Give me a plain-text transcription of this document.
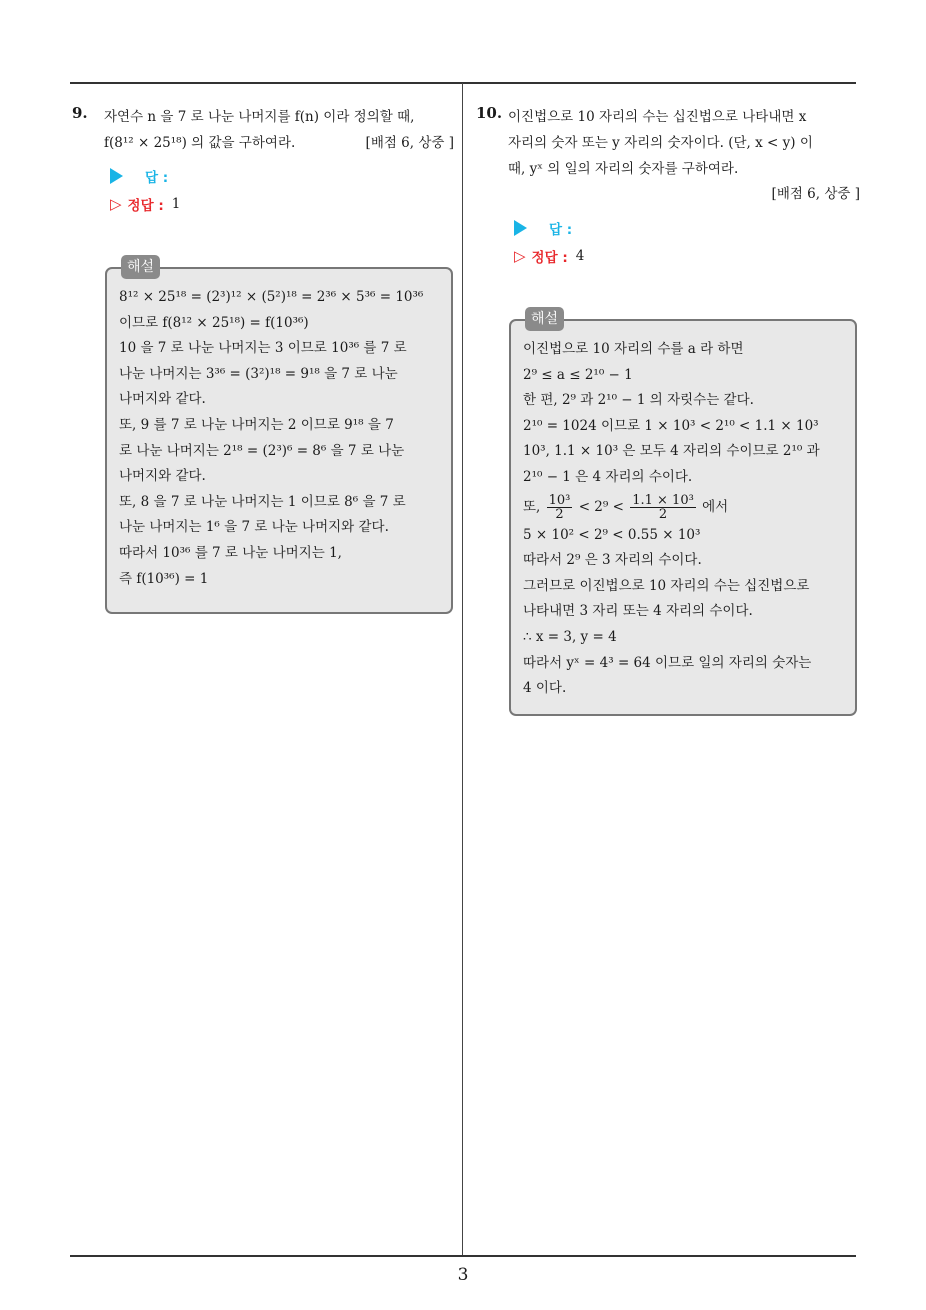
3
9.	자연수 n 을 7 로 나눈 나머지를 f(n) 이라 정의할 때,
f(8¹² × 25¹⁸) 의 값을 구하여라.	[배점 6, 상중 ]
답 :
▷ 정답 : 1
해설
8¹² × 25¹⁸ = (2³)¹² × (5²)¹⁸ = 2³⁶ × 5³⁶ = 10³⁶
이므로 f(8¹² × 25¹⁸) = f(10³⁶)
10 을 7 로 나눈 나머지는 3 이므로 10³⁶ 를 7 로
나눈 나머지는 3³⁶ = (3²)¹⁸ = 9¹⁸ 을 7 로 나눈
나머지와 같다.
또, 9 를 7 로 나눈 나머지는 2 이므로 9¹⁸ 을 7
로 나눈 나머지는 2¹⁸ = (2³)⁶ = 8⁶ 을 7 로 나눈
나머지와 같다.
또, 8 을 7 로 나눈 나머지는 1 이므로 8⁶ 을 7 로
나눈 나머지는 1⁶ 을 7 로 나눈 나머지와 같다.
따라서 10³⁶ 를 7 로 나눈 나머지는 1,
즉 f(10³⁶) = 1
10. 이진법으로 10 자리의 수는 십진법으로 나타내면 x
자리의 숫자 또는 y 자리의 숫자이다. (단, x < y) 이
때, yˣ 의 일의 자리의 숫자를 구하여라.
[배점 6, 상중 ]
답 :
▷ 정답 : 4
해설
이진법으로 10 자리의 수를 a 라 하면
2⁹ ≤ a ≤ 2¹⁰ − 1
한 편, 2⁹ 과 2¹⁰ − 1 의 자릿수는 같다.
2¹⁰ = 1024 이므로 1 × 10³ < 2¹⁰ < 1.1 × 10³
10³, 1.1 × 10³ 은 모두 4 자리의 수이므로 2¹⁰ 과
2¹⁰ − 1 은 4 자리의 수이다.
또, $\frac{\text{10³}}{2} < 2^9 < \frac{\text{1.1 × 10³}}{2}$ 에서
5 × 10² < 2⁹ < 0.55 × 10³
따라서 2⁹ 은 3 자리의 수이다.
그러므로 이진법으로 10 자리의 수는 십진법으로
나타내면 3 자리 또는 4 자리의 수이다.
∴ x = 3, y = 4
따라서 yˣ = 4³ = 64 이므로 일의 자리의 숫자는
4 이다.
